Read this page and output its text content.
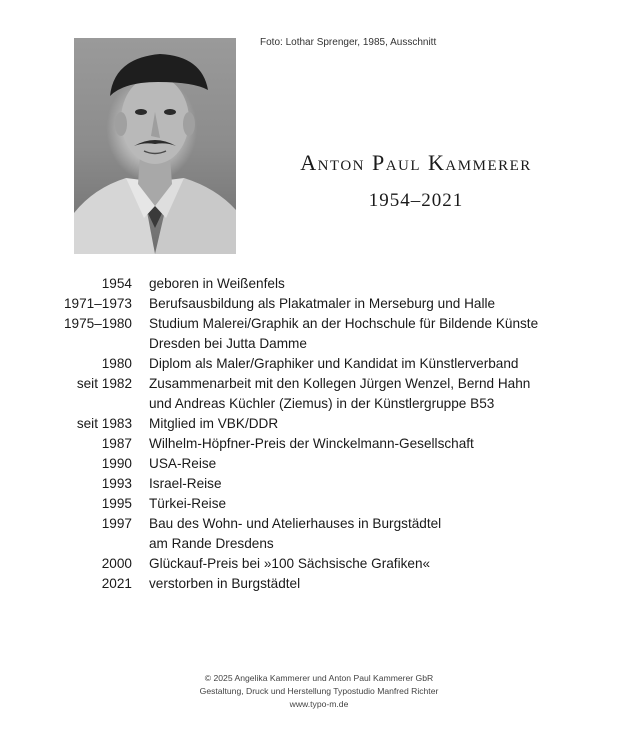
Foto: Lothar Sprenger, 1985, Ausschnitt
Anton Paul Kammerer
1954–2021
1954	geboren in Weißenfels
1971–1973	Berufsausbildung als Plakatmaler in Merseburg und Halle
1975–1980	Studium Malerei/Graphik an der Hochschule für Bildende Künste
Dresden bei Jutta Damme
1980	Diplom als Maler/Graphiker und Kandidat im Künstlerverband
seit 1982	Zusammenarbeit mit den Kollegen Jürgen Wenzel, Bernd Hahn
und Andreas Küchler (Ziemus) in der Künstlergruppe B53
seit 1983	Mitglied im VBK/DDR
1987	Wilhelm-Höpfner-Preis der Winckelmann-Gesellschaft
1990	USA-Reise
1993	Israel-Reise
1995	Türkei-Reise
1997	Bau des Wohn- und Atelierhauses in Burgstädtel
am Rande Dresdens
2000	Glückauf-Preis bei »100 Sächsische Grafiken«
2021	verstorben in Burgstädtel
© 2025 Angelika Kammerer und Anton Paul Kammerer GbR
Gestaltung, Druck und Herstellung Typostudio Manfred Richter
www.typo-m.de
